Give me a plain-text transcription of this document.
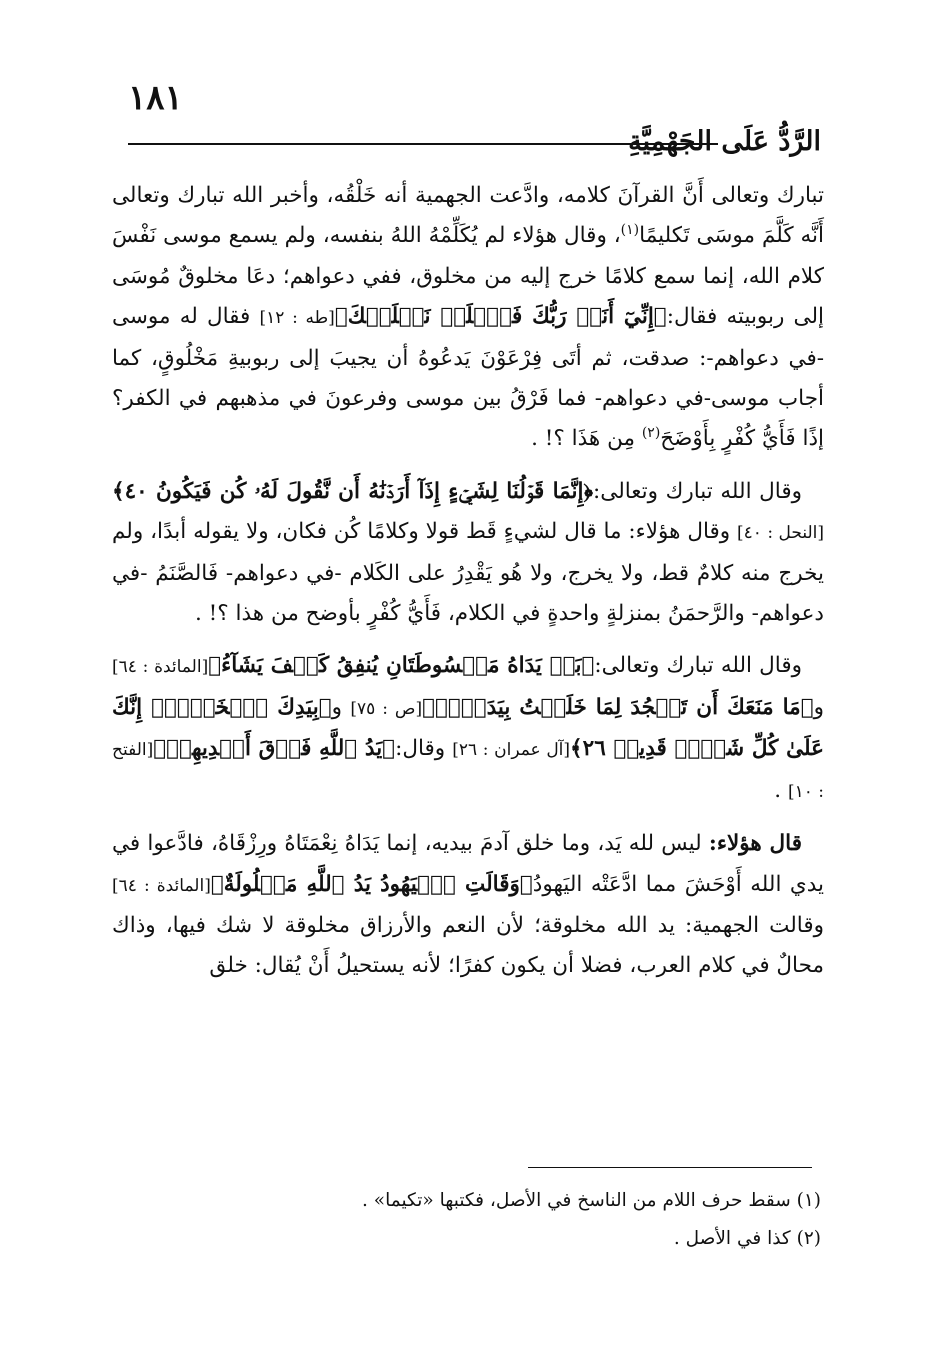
١٨١
الرَّدُّ عَلَى الجَهْمِيَّةِ

تبارك وتعالى أَنَّ القرآنَ كلامه، وادَّعت الجهمية أنه خَلْقُه، وأخبر الله تبارك وتعالى أَنَّه كَلَّمَ موسَى تَكليمًا$^{(١)}$، وقال هؤلاء لم يُكَلِّمْهُ اللهُ بنفسه، ولم يسمع موسى نَفْسَ كلام الله، إنما سمع كلامًا خرج إليه من مخلوق، ففي دعواهم؛ دعَا مخلوقٌ مُوسَى إلى ربوبيته فقال:﴿إِنِّيٓ أَنَا۠ رَبُّكَ فَٱخۡلَعۡ نَعۡلَيۡكَ﴾[طه : ١٢] فقال له موسى -في دعواهم-: صدقت، ثم أتَى فِرْعَوْنَ يَدعُوهُ أن يجيبَ إلى ربوبيةِ مَخْلُوقٍ، كما أجاب موسى-في دعواهم- فما فَرْقُ بين موسى وفرعونَ في مذهبهم في الكفر؟ إذًا فَأَيُّ كُفْرٍ بِأَوْضَحَ$^{(٢)}$ مِن هَذَا ؟! .

وقال الله تبارك وتعالى:﴿إِنَّمَا قَوۡلُنَا لِشَيۡءٍ إِذَآ أَرَدۡنَٰهُ أَن نَّقُولَ لَهُۥ كُن فَيَكُونُ ٤٠﴾[النحل : ٤٠] وقال هؤلاء: ما قال لشيءٍ قَط قولا وكلامًا كُن فكان، ولا يقوله أبدًا، ولم يخرج منه كلامٌ قط، ولا يخرج، ولا هُو يَقْدِرُ على الكَلام -في دعواهم- فَالصَّنَمُ -في دعواهم- والرَّحمَنُ بمنزلةٍ واحدةٍ في الكلام، فَأَيُّ كُفْرٍ بأوضح من هذا ؟! .

وقال الله تبارك وتعالى:﴿بَلۡ يَدَاهُ مَبۡسُوطَتَانِ يُنفِقُ كَيۡفَ يَشَآءُ﴾[المائدة : ٦٤] و﴿مَا مَنَعَكَ أَن تَسۡجُدَ لِمَا خَلَقۡتُ بِيَدَيَّۖ﴾[ص : ٧٥] و﴿بِيَدِكَ ٱلۡخَيۡرُۖ إِنَّكَ عَلَىٰ كُلِّ شَيۡءٖ قَدِيرٞ ٢٦﴾[آل عمران : ٢٦] وقال:﴿يَدُ ٱللَّهِ فَوۡقَ أَيۡدِيهِمۡ﴾[الفتح : ١٠] .

قال هؤلاء: ليس لله يَد، وما خلق آدمَ بيديه، إنما يَدَاهُ نِعْمَتَاهُ ورِزْقَاهُ، فادَّعوا في يدي الله أَوْحَشَ مما ادَّعَتْه اليَهودُ﴿وَقَالَتِ ٱلۡيَهُودُ يَدُ ٱللَّهِ مَغۡلُولَةٌ﴾[المائدة : ٦٤] وقالت الجهمية: يد الله مخلوقة؛ لأن النعم والأرزاق مخلوقة لا شك فيها، وذاك محالٌ في كلام العرب، فضلا أن يكون كفرًا؛ لأنه يستحيلُ أَنْ يُقال: خلق

(١) سقط حرف اللام من الناسخ في الأصل، فكتبها «تكيما» .

(٢) كذا في الأصل .
